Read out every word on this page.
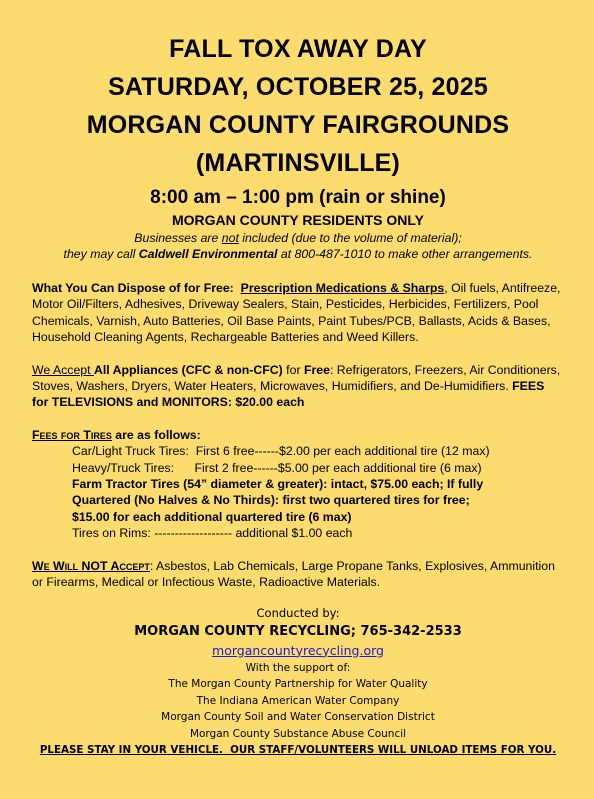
FALL TOX AWAY DAY
SATURDAY, OCTOBER 25, 2025
MORGAN COUNTY FAIRGROUNDS
(MARTINSVILLE)
8:00 am – 1:00 pm (rain or shine)
MORGAN COUNTY RESIDENTS ONLY
Businesses are not included (due to the volume of material);
they may call Caldwell Environmental at 800-487-1010 to make other arrangements.
What You Can Dispose of for Free: Prescription Medications & Sharps, Oil fuels, Antifreeze, Motor Oil/Filters, Adhesives, Driveway Sealers, Stain, Pesticides, Herbicides, Fertilizers, Pool Chemicals, Varnish, Auto Batteries, Oil Base Paints, Paint Tubes/PCB, Ballasts, Acids & Bases, Household Cleaning Agents, Rechargeable Batteries and Weed Killers.
We Accept All Appliances (CFC & non-CFC) for Free: Refrigerators, Freezers, Air Conditioners, Stoves, Washers, Dryers, Water Heaters, Microwaves, Humidifiers, and De-Humidifiers. FEES for TELEVISIONS and MONITORS: $20.00 each
Fees for Tires are as follows:
Car/Light Truck Tires:  First 6 free------$2.00 per each additional tire (12 max)
Heavy/Truck Tires:      First 2 free------$5.00 per each additional tire (6 max)
Farm Tractor Tires (54” diameter & greater): intact, $75.00 each; If fully
Quartered (No Halves & No Thirds): first two quartered tires for free;
$15.00 for each additional quartered tire (6 max)
Tires on Rims: ------------------- additional $1.00 each
We Will NOT Accept: Asbestos, Lab Chemicals, Large Propane Tanks, Explosives, Ammunition or Firearms, Medical or Infectious Waste, Radioactive Materials.
Conducted by:
MORGAN COUNTY RECYCLING; 765-342-2533
morgancountyrecycling.org
With the support of:
The Morgan County Partnership for Water Quality
The Indiana American Water Company
Morgan County Soil and Water Conservation District
Morgan County Substance Abuse Council
PLEASE STAY IN YOUR VEHICLE.  OUR STAFF/VOLUNTEERS WILL UNLOAD ITEMS FOR YOU.
